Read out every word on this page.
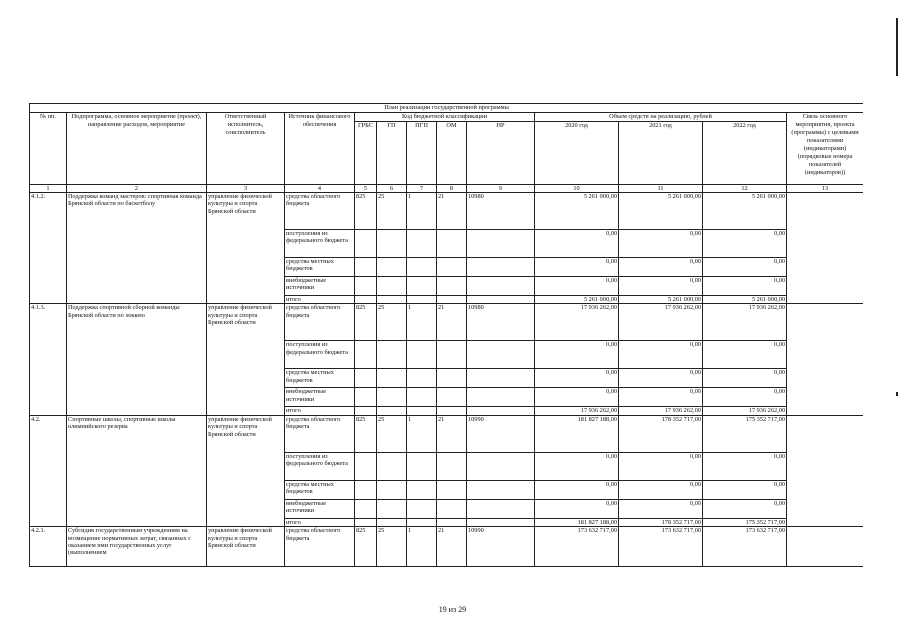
План реализации государственной программы												
№ пп.	Подпрограмма, основное мероприятие (проект), направление расходов, мероприятие	Ответственный исполнитель, соисполнитель	Источник финансового обеспечения	Код бюджетной классификации					Объем средств на реализацию, рублей			Связь основного мероприятия, проекта (программы) с целевыми показателями (индикаторами) (порядковые номера показателей (индикаторов))
				ГРБС	ГП	ПГП	ОМ	НР	2020 год	2021 год	2022 год	
1	2	3	4	5	6	7	8	9	10	11	12	13
4.1.2.	Поддержка команд мастеров: спортивная команда Брянской области по баскетболу	управление физической культуры и спорта Брянской области	средства областного бюджета	825	25	1	21	10980	5 261 000,00	5 261 000,00	5 261 000,00	
			поступления из федерального бюджета						0,00	0,00	0,00	
			средства местных бюджетов						0,00	0,00	0,00	
			внебюджетные источники						0,00	0,00	0,00	
			итого						5 261 000,00	5 261 000,00	5 261 000,00	
4.1.3.	Поддержка спортивной сборной команды Брянской области по хоккею	управление физической культуры и спорта Брянской области	средства областного бюджета	825	25	1	21	10980	17 936 262,00	17 936 262,00	17 936 262,00	
			поступления из федерального бюджета						0,00	0,00	0,00	
			средства местных бюджетов						0,00	0,00	0,00	
			внебюджетные источники						0,00	0,00	0,00	
			итого						17 936 262,00	17 936 262,00	17 936 262,00	
4.2.	Спортивные школы, спортивные школы олимпийского резерва	управление физической культуры и спорта Брянской области	средства областного бюджета	825	25	1	21	10990	181 827 188,00	178 352 717,00	175 352 717,00	
			поступления из федерального бюджета						0,00	0,00	0,00	
			средства местных бюджетов						0,00	0,00	0,00	
			внебюджетные источники						0,00	0,00	0,00	
			итого						181 827 188,00	178 352 717,00	175 352 717,00	
4.2.1.	Субсидия государственным учреждениям на возмещение нормативных затрат, связанных с оказанием ими государственных услуг (выполнением	управление физической культуры и спорта Брянской области	средства областного бюджета	825	25	1	21	10990	173 632 717,00	173 632 717,00	173 632 717,00	
19 из 29
